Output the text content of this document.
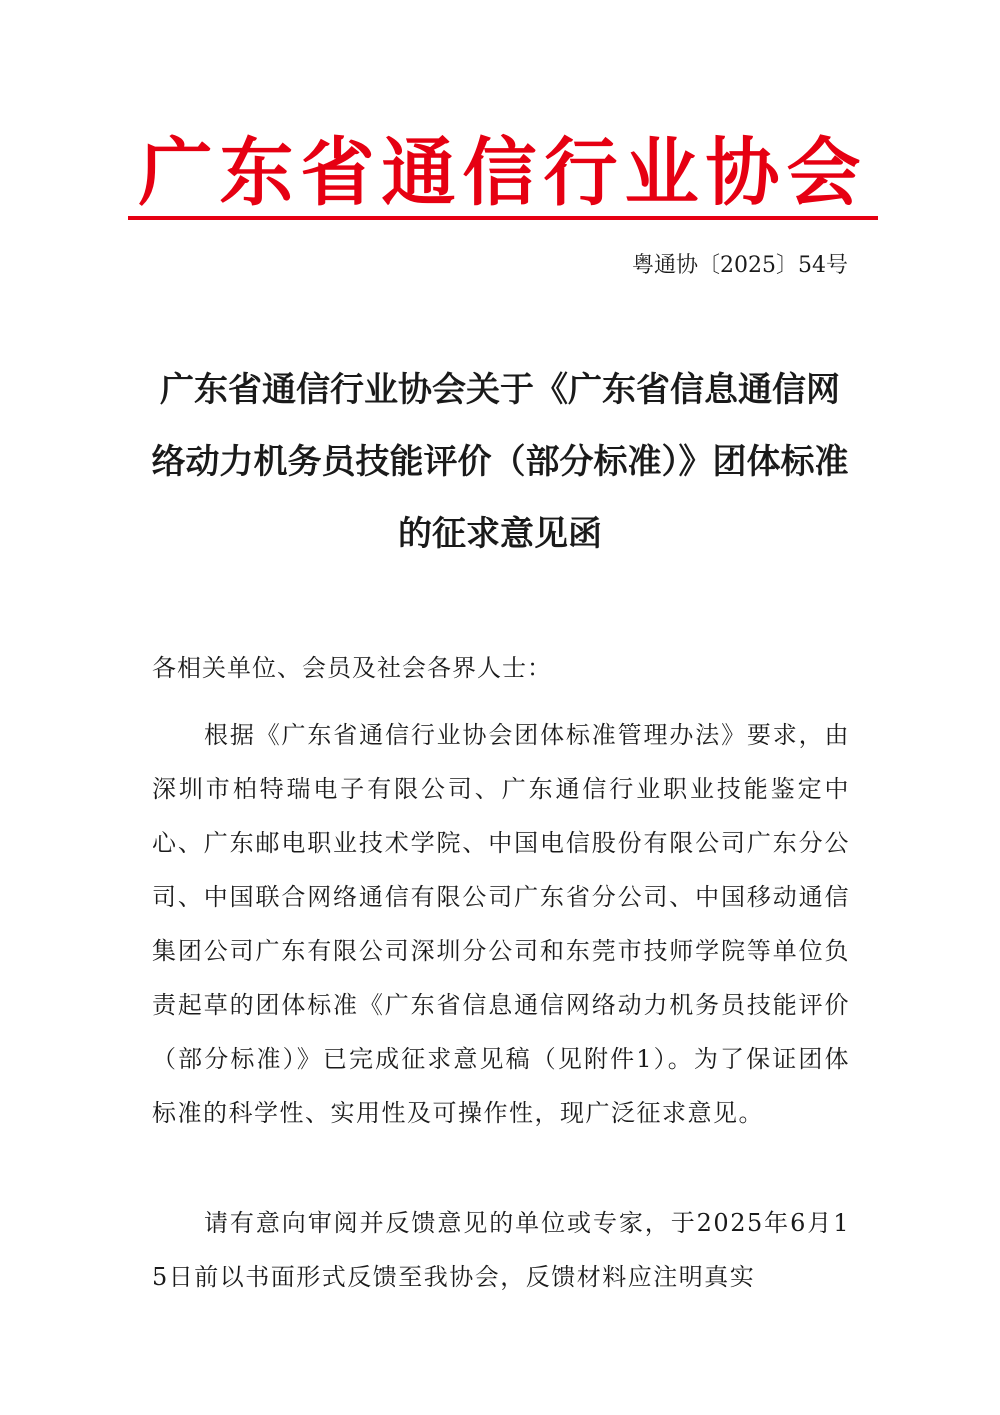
广东省通信行业协会
粤通协〔2025〕54号
广东省通信行业协会关于《广东省信息通信网络动力机务员技能评价（部分标准）》团体标准的征求意见函
各相关单位、会员及社会各界人士：

根据《广东省通信行业协会团体标准管理办法》要求，由深圳市柏特瑞电子有限公司、广东通信行业职业技能鉴定中心、广东邮电职业技术学院、中国电信股份有限公司广东分公司、中国联合网络通信有限公司广东省分公司、中国移动通信集团公司广东有限公司深圳分公司和东莞市技师学院等单位负责起草的团体标准《广东省信息通信网络动力机务员技能评价（部分标准）》已完成征求意见稿（见附件1）。为了保证团体标准的科学性、实用性及可操作性，现广泛征求意见。

请有意向审阅并反馈意见的单位或专家，于2025年6月15日前以书面形式反馈至我协会，反馈材料应注明真实
